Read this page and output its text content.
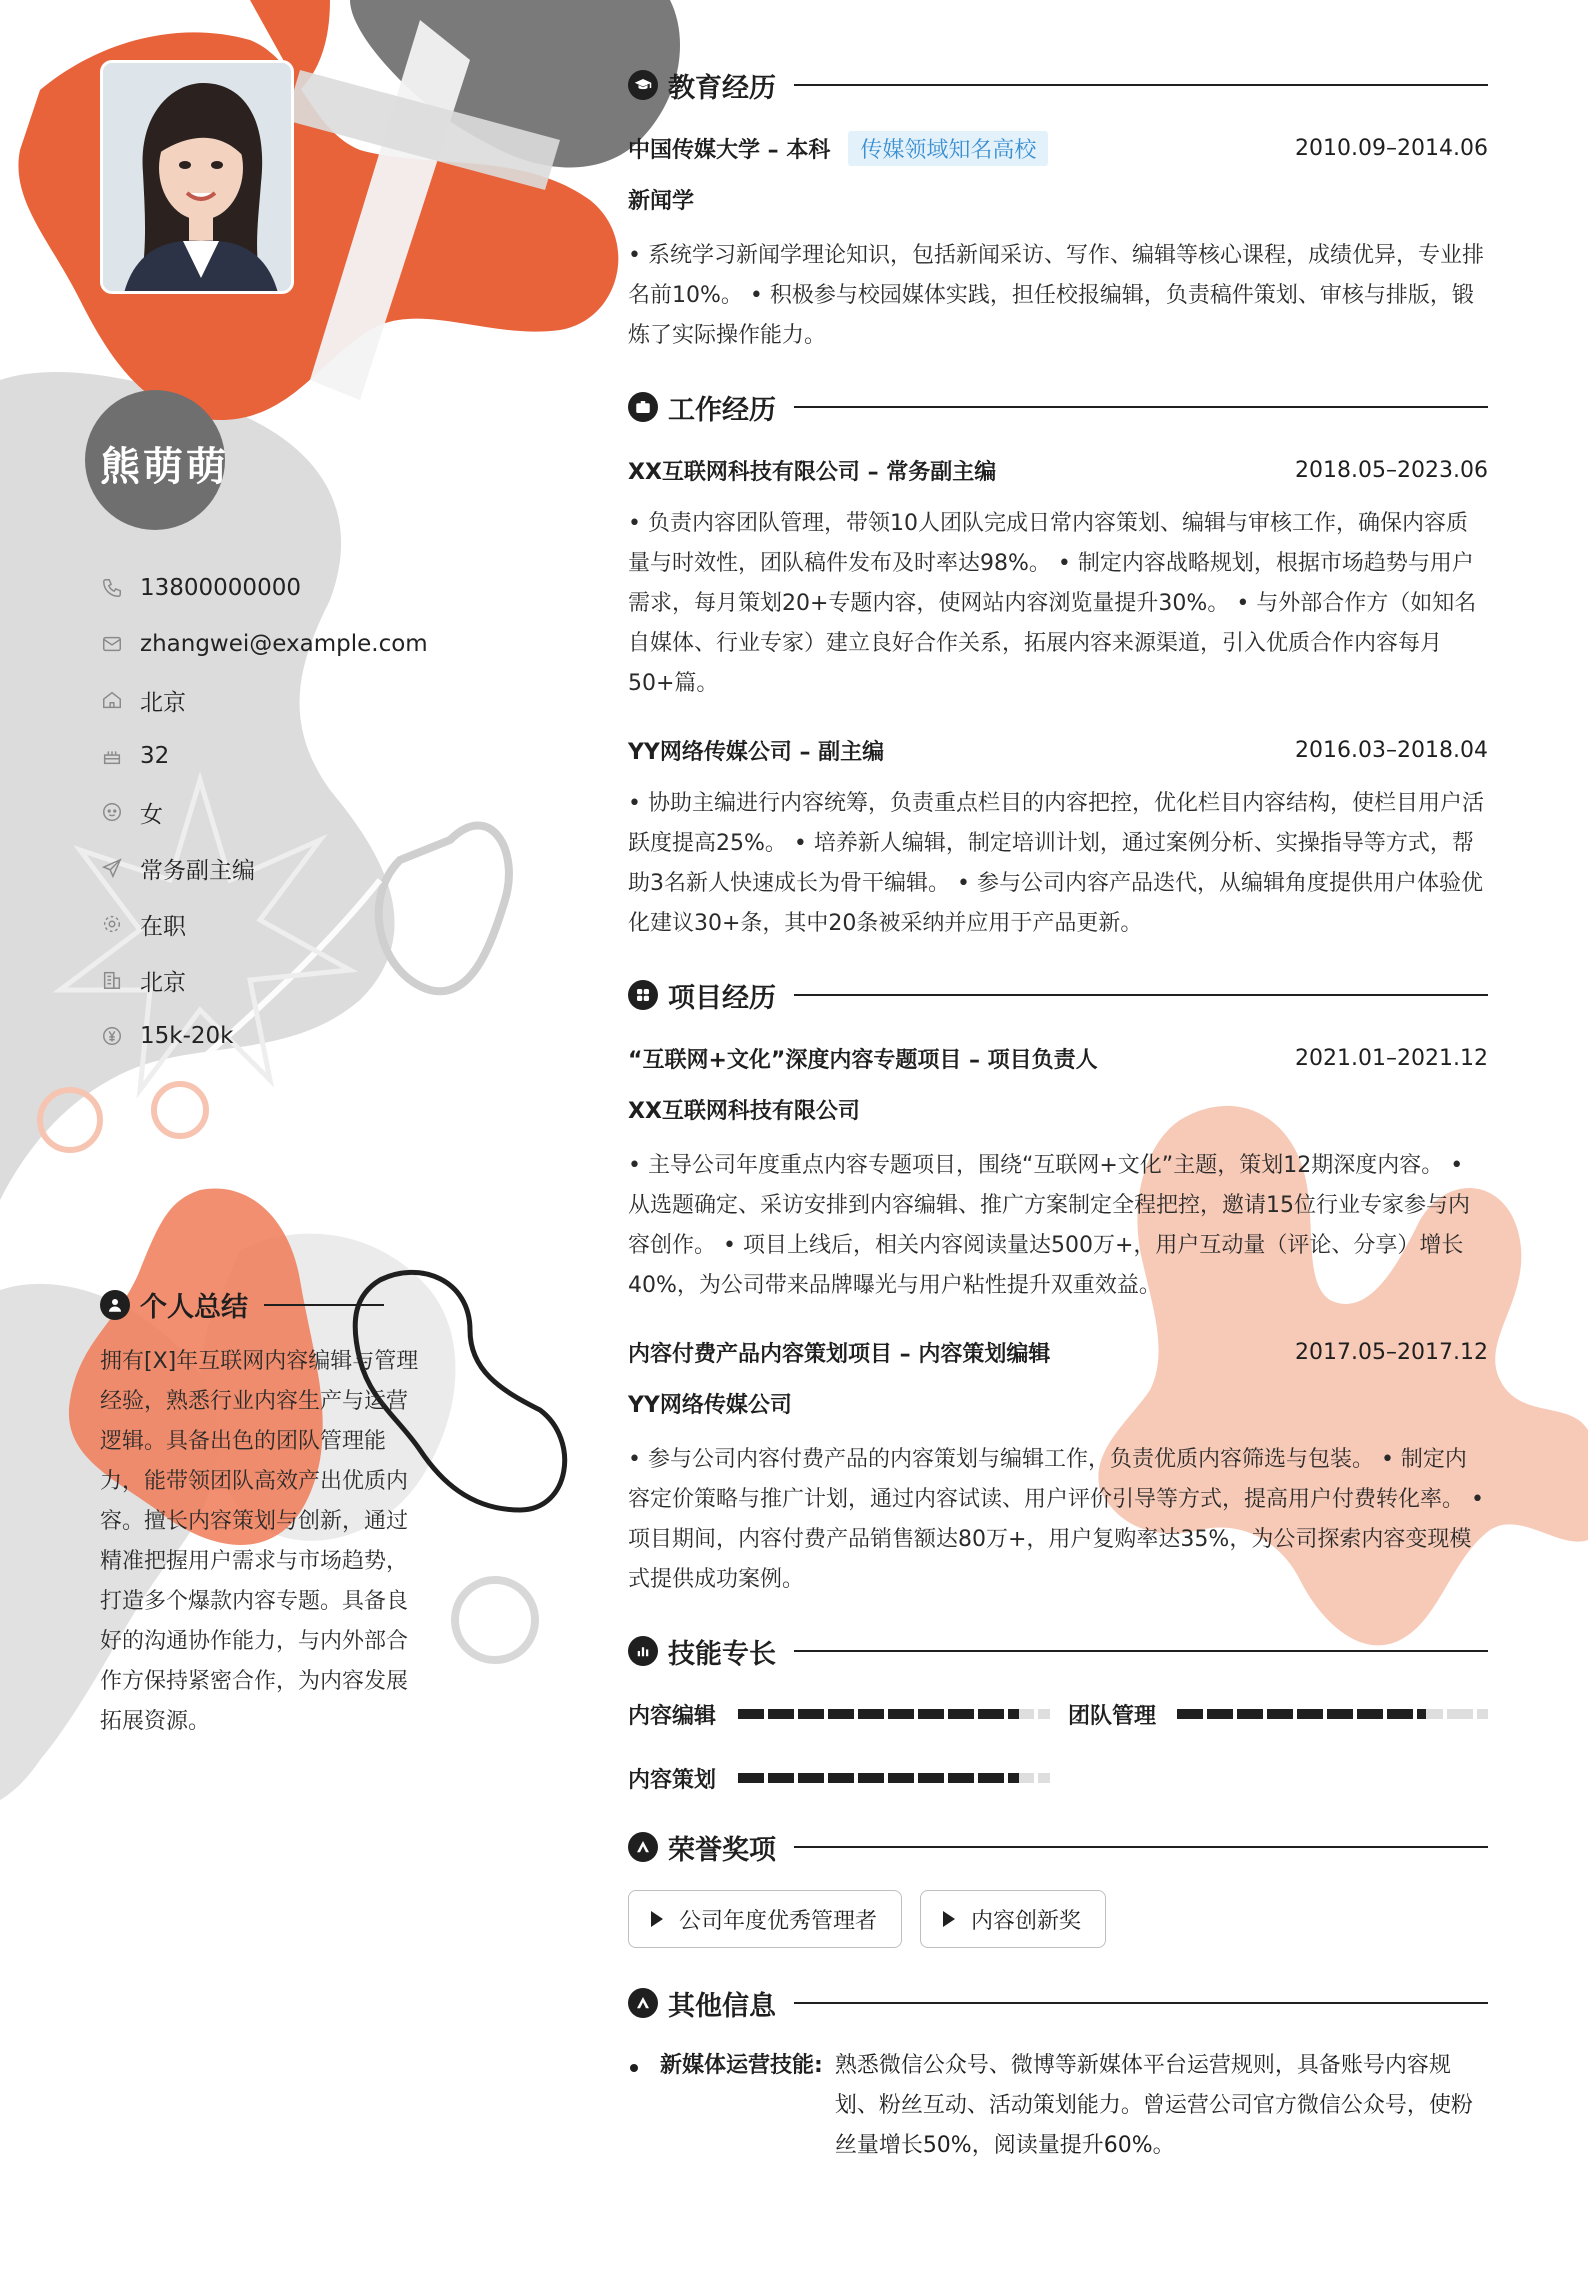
熊萌萌
13800000000
zhangwei@example.com
北京
32
女
常务副主编
在职
北京
15k-20k
个人总结
拥有[X]年互联网内容编辑与管理经验，熟悉行业内容生产与运营逻辑。具备出色的团队管理能力，能带领团队高效产出优质内容。擅长内容策划与创新，通过精准把握用户需求与市场趋势，打造多个爆款内容专题。具备良好的沟通协作能力，与内外部合作方保持紧密合作，为内容发展拓展资源。
教育经历
中国传媒大学 – 本科	传媒领域知名高校	2010.09–2014.06
新闻学
• 系统学习新闻学理论知识，包括新闻采访、写作、编辑等核心课程，成绩优异，专业排名前10%。 • 积极参与校园媒体实践，担任校报编辑，负责稿件策划、审核与排版，锻炼了实际操作能力。
工作经历
XX互联网科技有限公司 – 常务副主编	2018.05–2023.06
• 负责内容团队管理，带领10人团队完成日常内容策划、编辑与审核工作，确保内容质量与时效性，团队稿件发布及时率达98%。 • 制定内容战略规划，根据市场趋势与用户需求，每月策划20+专题内容，使网站内容浏览量提升30%。 • 与外部合作方（如知名自媒体、行业专家）建立良好合作关系，拓展内容来源渠道，引入优质合作内容每月50+篇。
YY网络传媒公司 – 副主编	2016.03–2018.04
• 协助主编进行内容统筹，负责重点栏目的内容把控，优化栏目内容结构，使栏目用户活跃度提高25%。 • 培养新人编辑，制定培训计划，通过案例分析、实操指导等方式，帮助3名新人快速成长为骨干编辑。 • 参与公司内容产品迭代，从编辑角度提供用户体验优化建议30+条，其中20条被采纳并应用于产品更新。
项目经历
“互联网+文化”深度内容专题项目 – 项目负责人	2021.01–2021.12
XX互联网科技有限公司
• 主导公司年度重点内容专题项目，围绕“互联网+文化”主题，策划12期深度内容。 • 从选题确定、采访安排到内容编辑、推广方案制定全程把控，邀请15位行业专家参与内容创作。 • 项目上线后，相关内容阅读量达500万+，用户互动量（评论、分享）增长40%，为公司带来品牌曝光与用户粘性提升双重效益。
内容付费产品内容策划项目 – 内容策划编辑	2017.05–2017.12
YY网络传媒公司
• 参与公司内容付费产品的内容策划与编辑工作，负责优质内容筛选与包装。 • 制定内容定价策略与推广计划，通过内容试读、用户评价引导等方式，提高用户付费转化率。 • 项目期间，内容付费产品销售额达80万+，用户复购率达35%，为公司探索内容变现模式提供成功案例。
技能专长
内容编辑	团队管理
内容策划
荣誉奖项
公司年度优秀管理者	内容创新奖
其他信息
新媒体运营技能: 熟悉微信公众号、微博等新媒体平台运营规则，具备账号内容规划、粉丝互动、活动策划能力。曾运营公司官方微信公众号，使粉丝量增长50%，阅读量提升60%。
